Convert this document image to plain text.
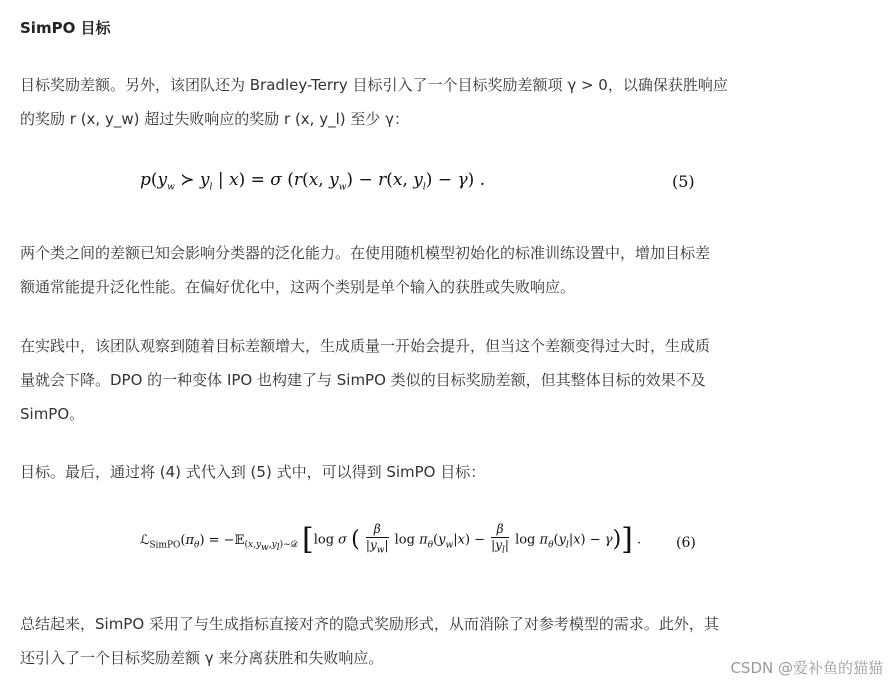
SimPO 目标
目标奖励差额。另外，该团队还为 Bradley-Terry 目标引入了一个目标奖励差额项 γ > 0，以确保获胜响应
的奖励 r (x, y_w) 超过失败响应的奖励 r (x, y_l) 至少 γ：
$p(y_w$ ≻ $y_l$ | x) = σ (r(x, $y_w) - r(x$, $y_l) - \gamma$) .	(5)
两个类之间的差额已知会影响分类器的泛化能力。在使用随机模型初始化的标准训练设置中，增加目标差
额通常能提升泛化性能。在偏好优化中，这两个类别是单个输入的获胜或失败响应。
在实践中，该团队观察到随着目标差额增大，生成质量一开始会提升，但当这个差额变得过大时，生成质
量就会下降。DPO 的一种变体 IPO 也构建了与 SimPO 类似的目标奖励差额，但其整体目标的效果不及
SimPO。
目标。最后，通过将 (4) 式代入到 (5) 式中，可以得到 SimPO 目标：
$ℒ_{SimPO}(\pi_\theta)$ = −𝔼$_{(x,y_w,y_l)\sim 𝒟}$ [log σ ( $\frac{\beta}{|y_w|}$ $\log \pi_\theta(y_w|x) - \frac{\beta}{|y_l|}$ $\log \pi_\theta(y_l|x) - \gamma$)] . (6)
总结起来，SimPO 采用了与生成指标直接对齐的隐式奖励形式，从而消除了对参考模型的需求。此外，其
还引入了一个目标奖励差额 γ 来分离获胜和失败响应。
CSDN @爱补鱼的猫猫
